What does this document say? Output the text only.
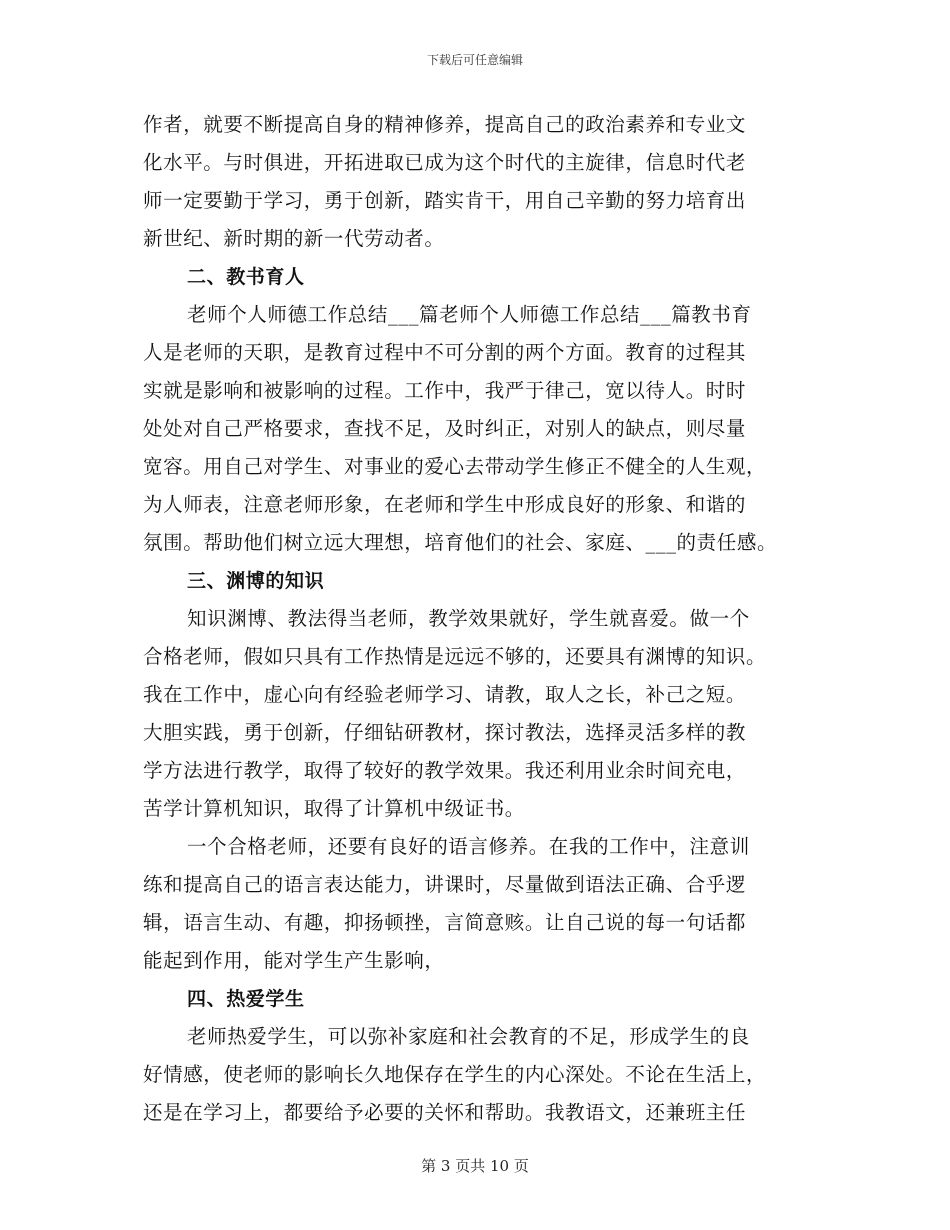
下载后可任意编辑
作者，就要不断提高自身的精神修养，提高自己的政治素养和专业文
化水平。与时俱进，开拓进取已成为这个时代的主旋律，信息时代老
师一定要勤于学习，勇于创新，踏实肯干，用自己辛勤的努力培育出
新世纪、新时期的新一代劳动者。
二、教书育人
老师个人师德工作总结___篇老师个人师德工作总结___篇教书育
人是老师的天职，是教育过程中不可分割的两个方面。教育的过程其
实就是影响和被影响的过程。工作中，我严于律己，宽以待人。时时
处处对自己严格要求，查找不足，及时纠正，对别人的缺点，则尽量
宽容。用自己对学生、对事业的爱心去带动学生修正不健全的人生观，
为人师表，注意老师形象，在老师和学生中形成良好的形象、和谐的
氛围。帮助他们树立远大理想，培育他们的社会、家庭、___的责任感。
三、渊博的知识
知识渊博、教法得当老师，教学效果就好，学生就喜爱。做一个
合格老师，假如只具有工作热情是远远不够的，还要具有渊博的知识。
我在工作中，虚心向有经验老师学习、请教，取人之长，补己之短。
大胆实践，勇于创新，仔细钻研教材，探讨教法，选择灵活多样的教
学方法进行教学，取得了较好的教学效果。我还利用业余时间充电，
苦学计算机知识，取得了计算机中级证书。
一个合格老师，还要有良好的语言修养。在我的工作中，注意训
练和提高自己的语言表达能力，讲课时，尽量做到语法正确、合乎逻
辑，语言生动、有趣，抑扬顿挫，言简意赅。让自己说的每一句话都
能起到作用，能对学生产生影响，
四、热爱学生
老师热爱学生，可以弥补家庭和社会教育的不足，形成学生的良
好情感，使老师的影响长久地保存在学生的内心深处。不论在生活上，
还是在学习上，都要给予必要的关怀和帮助。我教语文，还兼班主任
第 3 页共 10 页
